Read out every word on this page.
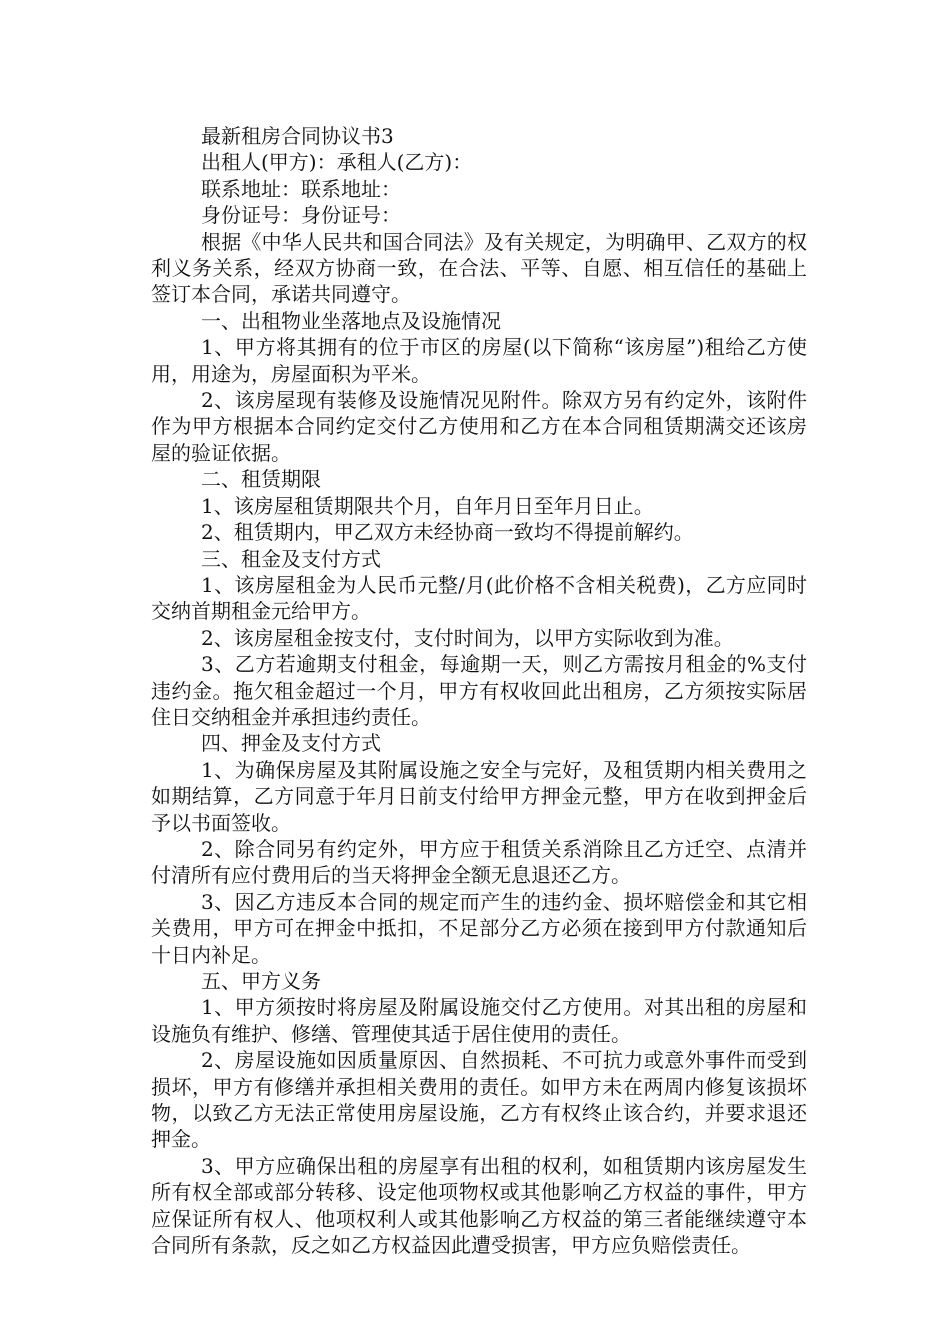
最新租房合同协议书3

出租人(甲方)：承租人(乙方)：

联系地址：联系地址：

身份证号：身份证号：

根据《中华人民共和国合同法》及有关规定，为明确甲、乙双方的权利义务关系，经双方协商一致，在合法、平等、自愿、相互信任的基础上签订本合同，承诺共同遵守。

一、出租物业坐落地点及设施情况

1、甲方将其拥有的位于市区的房屋(以下简称“该房屋”)租给乙方使用，用途为，房屋面积为平米。

2、该房屋现有装修及设施情况见附件。除双方另有约定外，该附件作为甲方根据本合同约定交付乙方使用和乙方在本合同租赁期满交还该房屋的验证依据。

二、租赁期限

1、该房屋租赁期限共个月，自年月日至年月日止。

2、租赁期内，甲乙双方未经协商一致均不得提前解约。

三、租金及支付方式

1、该房屋租金为人民币元整/月(此价格不含相关税费)，乙方应同时交纳首期租金元给甲方。

2、该房屋租金按支付，支付时间为，以甲方实际收到为准。

3、乙方若逾期支付租金，每逾期一天，则乙方需按月租金的%支付违约金。拖欠租金超过一个月，甲方有权收回此出租房，乙方须按实际居住日交纳租金并承担违约责任。

四、押金及支付方式

1、为确保房屋及其附属设施之安全与完好，及租赁期内相关费用之如期结算，乙方同意于年月日前支付给甲方押金元整，甲方在收到押金后予以书面签收。

2、除合同另有约定外，甲方应于租赁关系消除且乙方迁空、点清并付清所有应付费用后的当天将押金全额无息退还乙方。

3、因乙方违反本合同的规定而产生的违约金、损坏赔偿金和其它相关费用，甲方可在押金中抵扣，不足部分乙方必须在接到甲方付款通知后十日内补足。

五、甲方义务

1、甲方须按时将房屋及附属设施交付乙方使用。对其出租的房屋和设施负有维护、修缮、管理使其适于居住使用的责任。

2、房屋设施如因质量原因、自然损耗、不可抗力或意外事件而受到损坏，甲方有修缮并承担相关费用的责任。如甲方未在两周内修复该损坏物，以致乙方无法正常使用房屋设施，乙方有权终止该合约，并要求退还押金。

3、甲方应确保出租的房屋享有出租的权利，如租赁期内该房屋发生所有权全部或部分转移、设定他项物权或其他影响乙方权益的事件，甲方应保证所有权人、他项权利人或其他影响乙方权益的第三者能继续遵守本合同所有条款，反之如乙方权益因此遭受损害，甲方应负赔偿责任。
